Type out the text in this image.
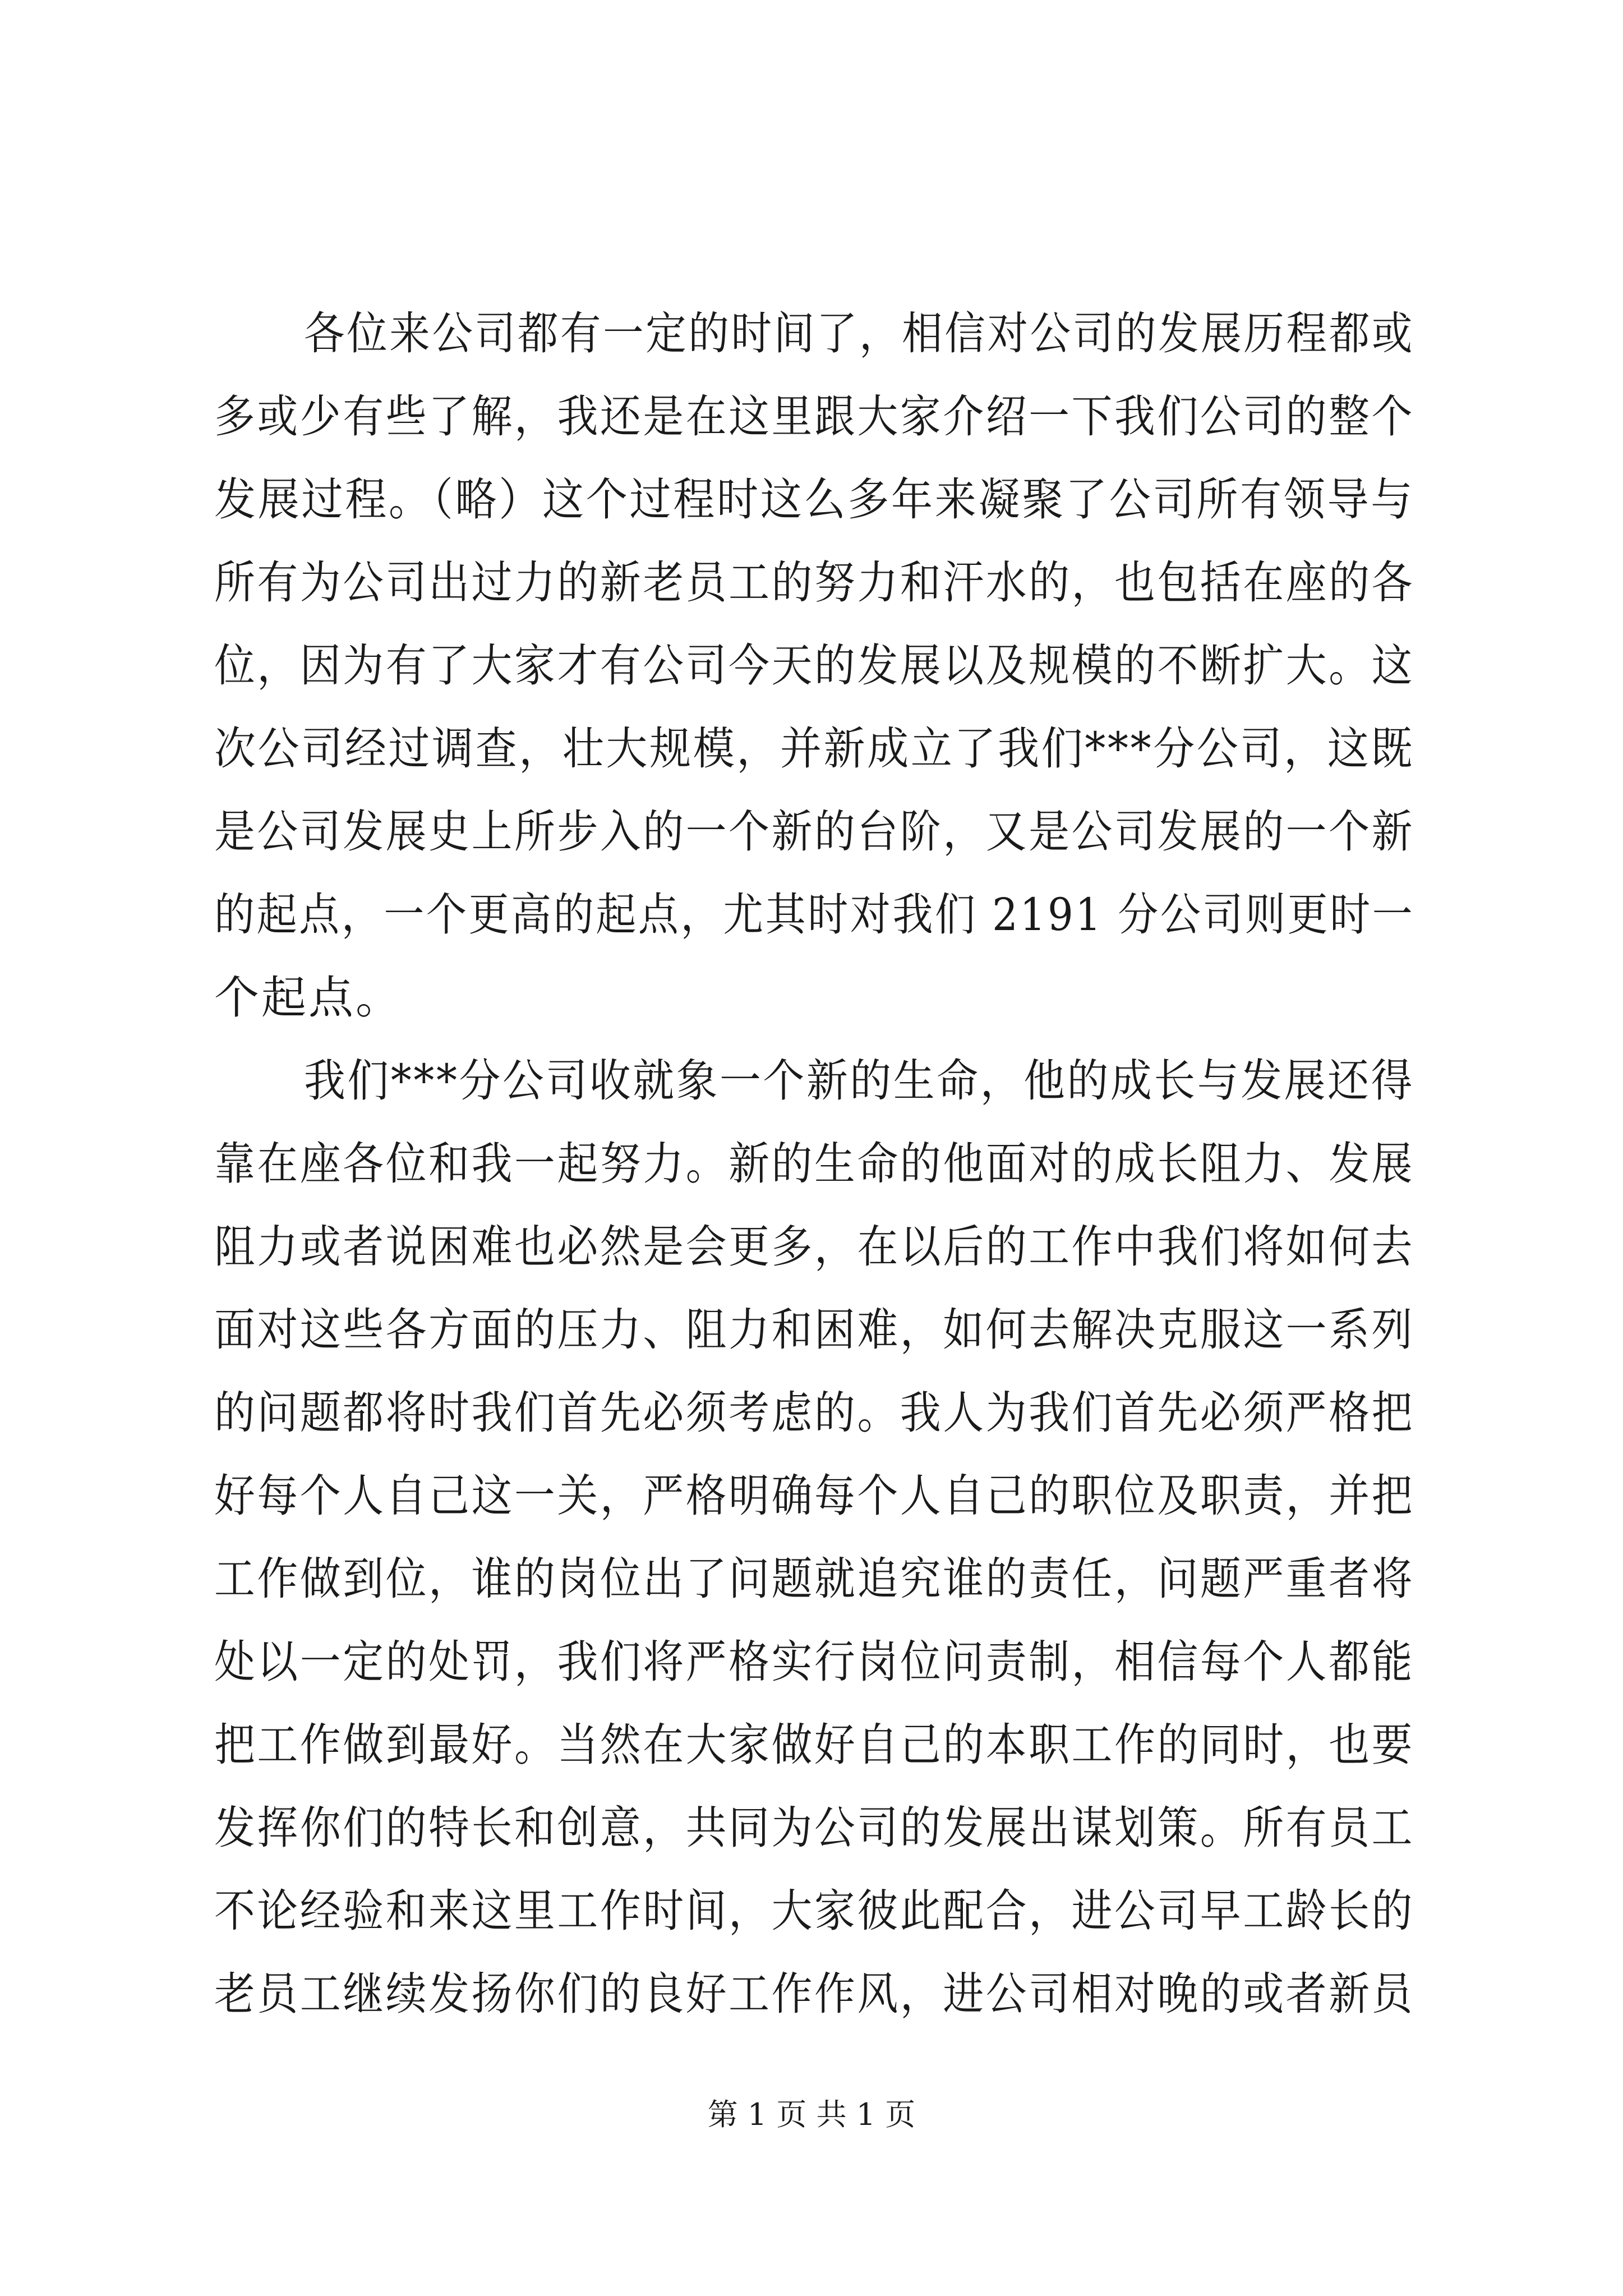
各位来公司都有一定的时间了，相信对公司的发展历程都或
多或少有些了解，我还是在这里跟大家介绍一下我们公司的整个
发展过程。（略）这个过程时这么多年来凝聚了公司所有领导与
所有为公司出过力的新老员工的努力和汗水的，也包括在座的各
位，因为有了大家才有公司今天的发展以及规模的不断扩大。这
次公司经过调查，壮大规模，并新成立了我们***分公司，这既
是公司发展史上所步入的一个新的台阶，又是公司发展的一个新
的起点，一个更高的起点，尤其时对我们 2191 分公司则更时一
个起点。
我们***分公司收就象一个新的生命，他的成长与发展还得
靠在座各位和我一起努力。新的生命的他面对的成长阻力、发展
阻力或者说困难也必然是会更多，在以后的工作中我们将如何去
面对这些各方面的压力、阻力和困难，如何去解决克服这一系列
的问题都将时我们首先必须考虑的。我人为我们首先必须严格把
好每个人自己这一关，严格明确每个人自己的职位及职责，并把
工作做到位，谁的岗位出了问题就追究谁的责任，问题严重者将
处以一定的处罚，我们将严格实行岗位问责制，相信每个人都能
把工作做到最好。当然在大家做好自己的本职工作的同时，也要
发挥你们的特长和创意，共同为公司的发展出谋划策。所有员工
不论经验和来这里工作时间，大家彼此配合，进公司早工龄长的
老员工继续发扬你们的良好工作作风，进公司相对晚的或者新员
第 1 页 共 1 页
